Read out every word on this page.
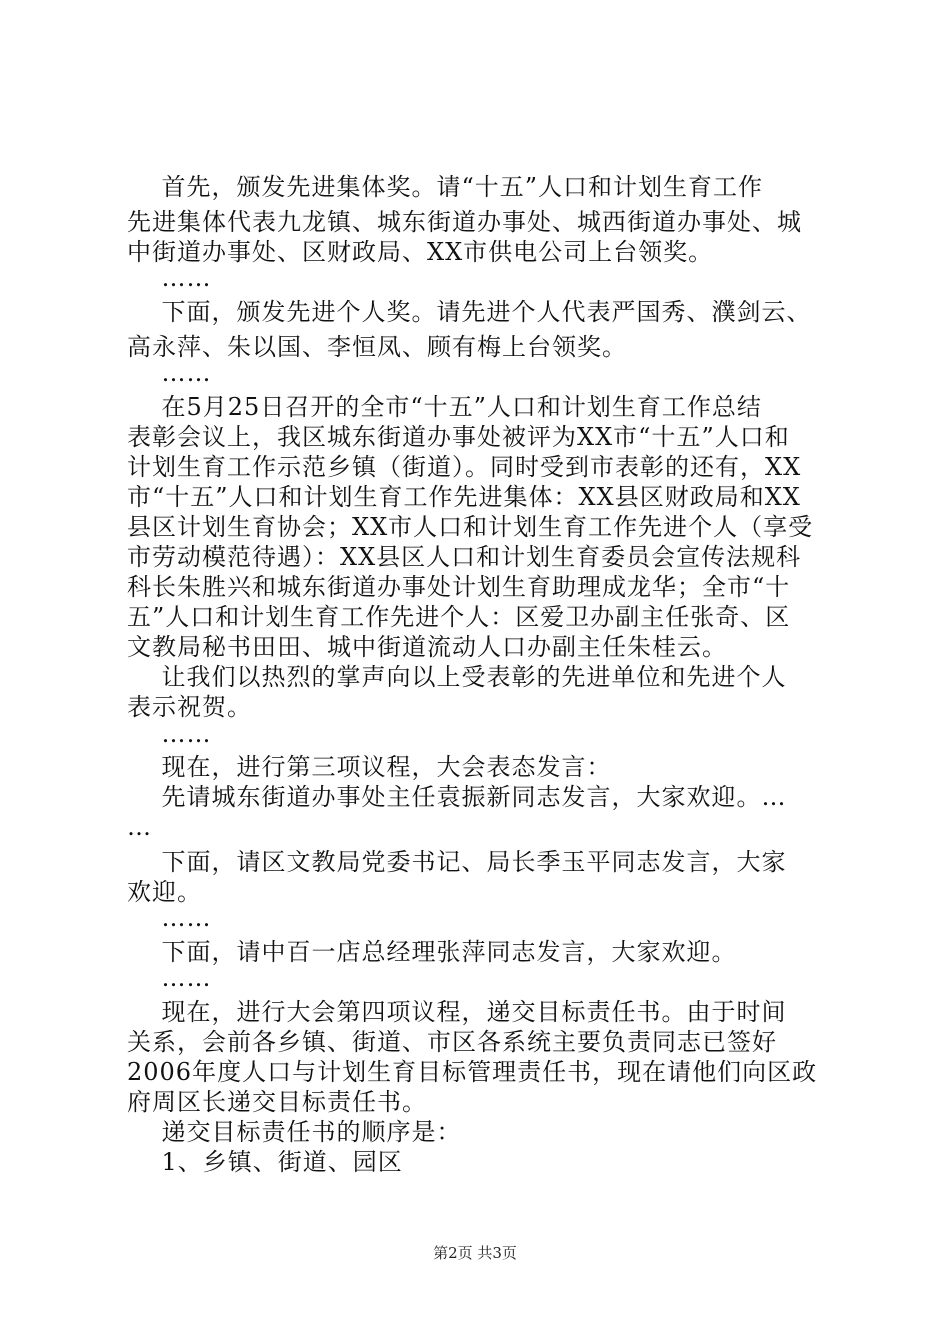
首先，颁发先进集体奖。请“十五”人口和计划生育工作
先进集体代表九龙镇、城东街道办事处、城西街道办事处、城
中街道办事处、区财政局、XX市供电公司上台领奖。
……
下面，颁发先进个人奖。请先进个人代表严国秀、濮剑云、
高永萍、朱以国、李恒凤、顾有梅上台领奖。
……
在5月25日召开的全市“十五”人口和计划生育工作总结
表彰会议上，我区城东街道办事处被评为XX市“十五”人口和
计划生育工作示范乡镇（街道）。同时受到市表彰的还有，XX
市“十五”人口和计划生育工作先进集体：XX县区财政局和XX
县区计划生育协会；XX市人口和计划生育工作先进个人（享受
市劳动模范待遇）：XX县区人口和计划生育委员会宣传法规科
科长朱胜兴和城东街道办事处计划生育助理成龙华；全市“十
五”人口和计划生育工作先进个人：区爱卫办副主任张奇、区
文教局秘书田田、城中街道流动人口办副主任朱桂云。
让我们以热烈的掌声向以上受表彰的先进单位和先进个人
表示祝贺。
……
现在，进行第三项议程，大会表态发言：
先请城东街道办事处主任袁振新同志发言，大家欢迎。…
…
下面，请区文教局党委书记、局长季玉平同志发言，大家
欢迎。
……
下面，请中百一店总经理张萍同志发言，大家欢迎。
……
现在，进行大会第四项议程，递交目标责任书。由于时间
关系，会前各乡镇、街道、市区各系统主要负责同志已签好
2006年度人口与计划生育目标管理责任书，现在请他们向区政
府周区长递交目标责任书。
递交目标责任书的顺序是：
1、乡镇、街道、园区
第2页 共3页
